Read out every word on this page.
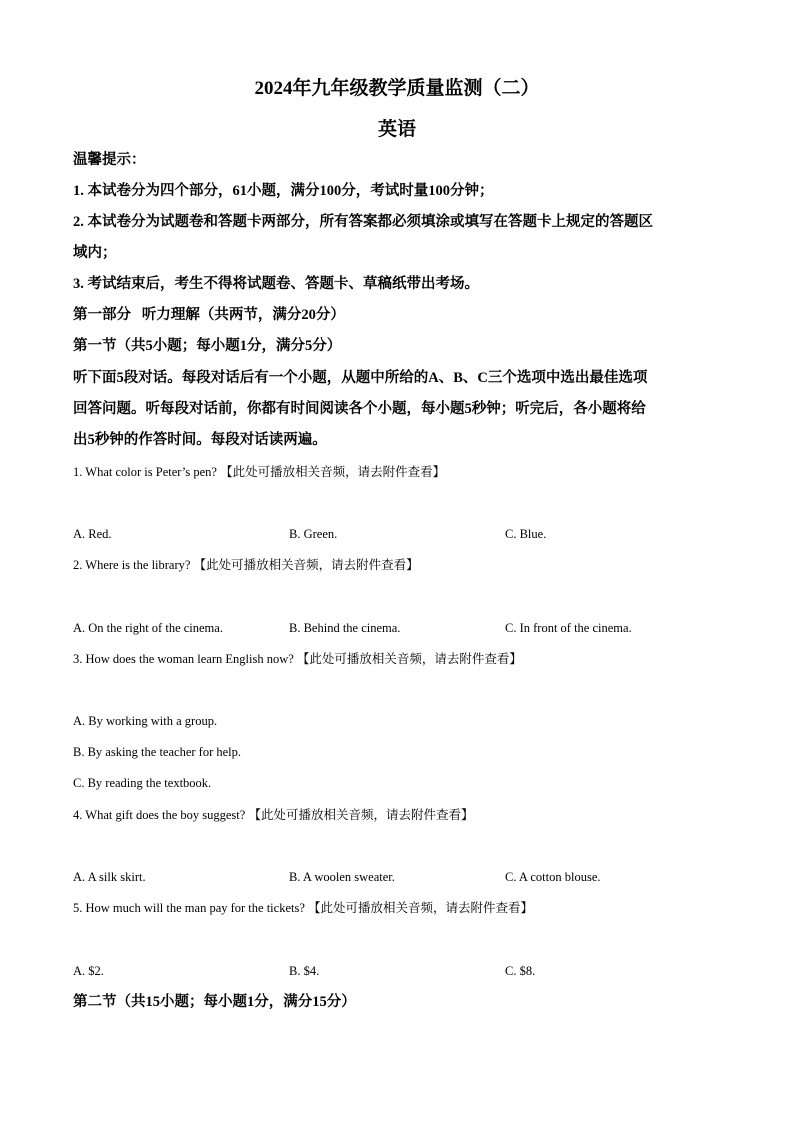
2024年九年级教学质量监测（二）
英语
温馨提示：
1. 本试卷分为四个部分，61小题，满分100分，考试时量100分钟；
2. 本试卷分为试题卷和答题卡两部分，所有答案都必须填涂或填写在答题卡上规定的答题区
域内；
3. 考试结束后，考生不得将试题卷、答题卡、草稿纸带出考场。
第一部分   听力理解（共两节，满分20分）
第一节（共5小题；每小题1分，满分5分）
听下面5段对话。每段对话后有一个小题，从题中所给的A、B、C三个选项中选出最佳选项
回答问题。听每段对话前，你都有时间阅读各个小题，每小题5秒钟；听完后，各小题将给
出5秒钟的作答时间。每段对话读两遍。
1. What color is Peter’s pen? 【此处可播放相关音频，请去附件查看】
A. Red.	B. Green.	C. Blue.
2. Where is the library? 【此处可播放相关音频，请去附件查看】
A. On the right of the cinema.	B. Behind the cinema.	C. In front of the cinema.
3. How does the woman learn English now? 【此处可播放相关音频，请去附件查看】
A. By working with a group.
B. By asking the teacher for help.
C. By reading the textbook.
4. What gift does the boy suggest? 【此处可播放相关音频，请去附件查看】
A. A silk skirt.	B. A woolen sweater.	C. A cotton blouse.
5. How much will the man pay for the tickets? 【此处可播放相关音频，请去附件查看】
A. $2.	B. $4.	C. $8.
第二节（共15小题；每小题1分，满分15分）
